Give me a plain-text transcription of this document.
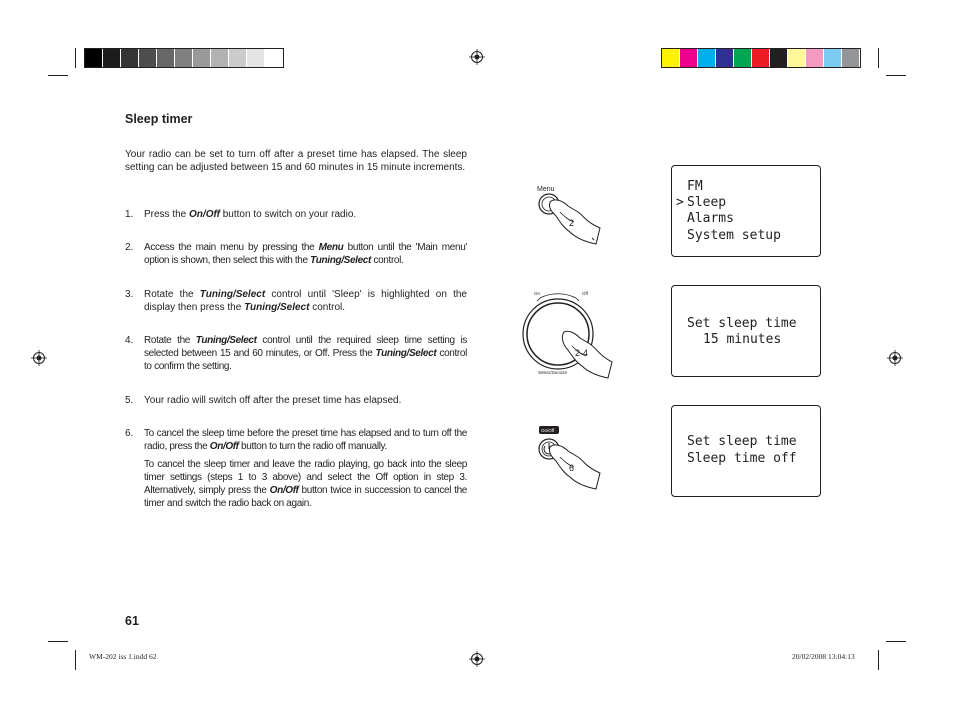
Sleep timer
Your radio can be set to turn off after a preset time has elapsed. The sleep setting can be adjusted between 15 and 60 minutes in 15 minute increments.
1. Press the On/Off button to switch on your radio.
2. Access the main menu by pressing the Menu button until the 'Main menu' option is shown, then select this with the Tuning/Select control.
3. Rotate the Tuning/Select control until 'Sleep' is highlighted on the display then press the Tuning/Select control.
4. Rotate the Tuning/Select control until the required sleep time setting is selected between 15 and 60 minutes, or Off. Press the Tuning/Select control to confirm the setting.
5. Your radio will switch off after the preset time has elapsed.
6. To cancel the sleep time before the preset time has elapsed and to turn off the radio, press the On/Off button to turn the radio off manually.
To cancel the sleep timer and leave the radio playing, go back into the sleep timer settings (steps 1 to 3 above) and select the Off option in step 3. Alternatively, simply press the On/Off button twice in succession to cancel the timer and switch the radio back on again.
Menu
2
On	Off
Select/Snooze
2-4
On/Off
6
FM
> Sleep
Alarms
System setup
Set sleep time
15 minutes
Set sleep time
Sleep time off
61
WM-202 iss 1.indd 62	20/02/2008 13:04:13
